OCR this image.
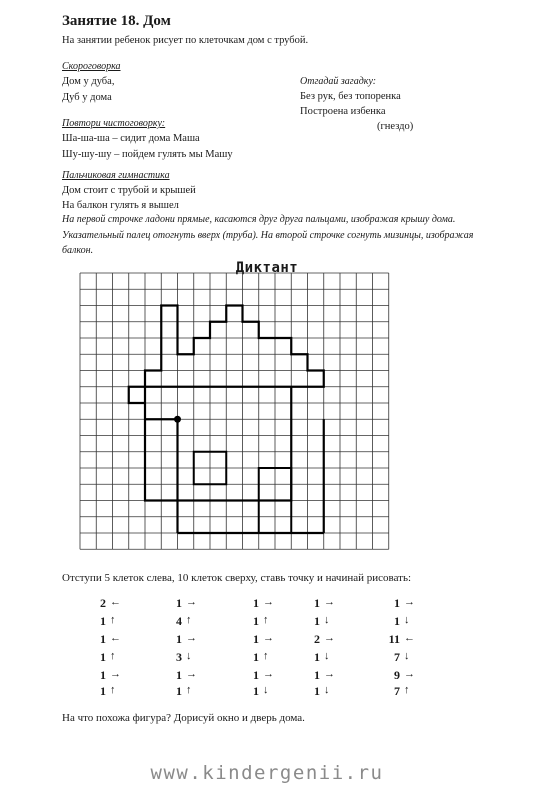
Занятие 18. Дом
На занятии ребенок рисует по клеточкам дом с трубой.
Скороговорка
Дом у дуба,
Дуб у дома
Отгадай загадку:
Без рук, без топоренка
Построена избенка
(гнездо)
Повтори чистоговорку:
Ша-ша-ша – сидит дома Маша
Шу-шу-шу – пойдем гулять мы Машу
Пальчиковая гимнастика
Дом стоит с трубой и крышей
На балкон гулять я вышел
На первой строчке ладони прямые, касаются друг друга пальцами, изображая крышу дома. Указательный палец отогнуть вверх (труба). На второй строчке согнуть мизинцы, изображая балкон.
Диктант
Отступи 5 клеток слева, 10 клеток сверху, ставь точку и начинай рисовать:
2 ←
1 ↑
1 ←
1 ↑
1 →
1 ↑
1 →
4 ↑
1 →
3 ↓
1 →
1 ↑
1 →
1 ↑
1 →
1 ↑
1 →
1 ↓
1 →
1 ↓
2 →
1 ↓
1 →
1 ↓
1 →
1 ↓
11 ←
7 ↓
9 →
7 ↑
На что похожа фигура? Дорисуй окно и дверь дома.
www.kindergenii.ru
